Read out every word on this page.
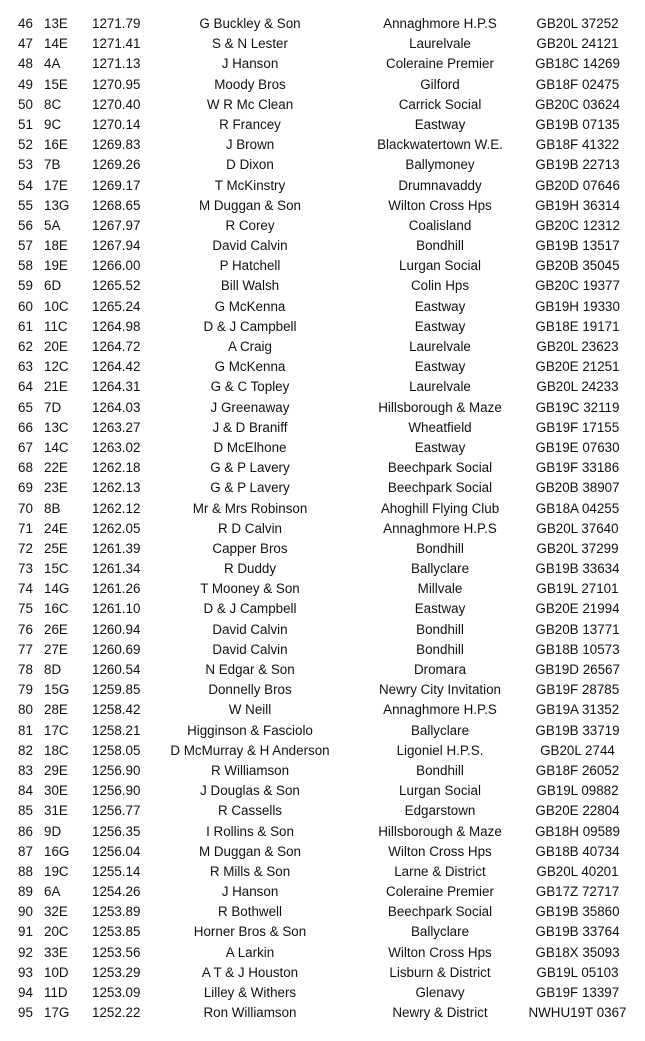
46 13E	1271.79	G Buckley & Son	Annaghmore H.P.S	GB20L 37252
47 14E	1271.41	S & N Lester	Laurelvale	GB20L 24121
48 4A	1271.13	J Hanson	Coleraine Premier	GB18C 14269
49 15E	1270.95	Moody Bros	Gilford	GB18F 02475
50 8C	1270.40	W R Mc Clean	Carrick Social	GB20C 03624
51 9C	1270.14	R Francey	Eastway	GB19B 07135
52 16E	1269.83	J Brown	Blackwatertown W.E.	GB18F 41322
53 7B	1269.26	D Dixon	Ballymoney	GB19B 22713
54 17E	1269.17	T McKinstry	Drumnavaddy	GB20D 07646
55 13G	1268.65	M Duggan & Son	Wilton Cross Hps	GB19H 36314
56 5A	1267.97	R Corey	Coalisland	GB20C 12312
57 18E	1267.94	David Calvin	Bondhill	GB19B 13517
58 19E	1266.00	P Hatchell	Lurgan Social	GB20B 35045
59 6D	1265.52	Bill Walsh	Colin Hps	GB20C 19377
60 10C	1265.24	G McKenna	Eastway	GB19H 19330
61 11C	1264.98	D & J Campbell	Eastway	GB18E 19171
62 20E	1264.72	A Craig	Laurelvale	GB20L 23623
63 12C	1264.42	G McKenna	Eastway	GB20E 21251
64 21E	1264.31	G & C Topley	Laurelvale	GB20L 24233
65 7D	1264.03	J Greenaway	Hillsborough & Maze	GB19C 32119
66 13C	1263.27	J & D Braniff	Wheatfield	GB19F 17155
67 14C	1263.02	D McElhone	Eastway	GB19E 07630
68 22E	1262.18	G & P Lavery	Beechpark Social	GB19F 33186
69 23E	1262.13	G & P Lavery	Beechpark Social	GB20B 38907
70 8B	1262.12	Mr & Mrs Robinson	Ahoghill Flying Club	GB18A 04255
71 24E	1262.05	R D Calvin	Annaghmore H.P.S	GB20L 37640
72 25E	1261.39	Capper Bros	Bondhill	GB20L 37299
73 15C	1261.34	R Duddy	Ballyclare	GB19B 33634
74 14G	1261.26	T Mooney & Son	Millvale	GB19L 27101
75 16C	1261.10	D & J Campbell	Eastway	GB20E 21994
76 26E	1260.94	David Calvin	Bondhill	GB20B 13771
77 27E	1260.69	David Calvin	Bondhill	GB18B 10573
78 8D	1260.54	N Edgar & Son	Dromara	GB19D 26567
79 15G	1259.85	Donnelly Bros	Newry City Invitation	GB19F 28785
80 28E	1258.42	W Neill	Annaghmore H.P.S	GB19A 31352
81 17C	1258.21	Higginson & Fasciolo	Ballyclare	GB19B 33719
82 18C	1258.05	D McMurray & H Anderson	Ligoniel H.P.S.	GB20L 2744
83 29E	1256.90	R Williamson	Bondhill	GB18F 26052
84 30E	1256.90	J Douglas & Son	Lurgan Social	GB19L 09882
85 31E	1256.77	R Cassells	Edgarstown	GB20E 22804
86 9D	1256.35	I Rollins & Son	Hillsborough & Maze	GB18H 09589
87 16G	1256.04	M Duggan & Son	Wilton Cross Hps	GB18B 40734
88 19C	1255.14	R Mills & Son	Larne & District	GB20L 40201
89 6A	1254.26	J Hanson	Coleraine Premier	GB17Z 72717
90 32E	1253.89	R Bothwell	Beechpark Social	GB19B 35860
91 20C	1253.85	Horner Bros & Son	Ballyclare	GB19B 33764
92 33E	1253.56	A Larkin	Wilton Cross Hps	GB18X 35093
93 10D	1253.29	A T & J Houston	Lisburn & District	GB19L 05103
94 11D	1253.09	Lilley & Withers	Glenavy	GB19F 13397
95 17G	1252.22	Ron Williamson	Newry & District	NWHU19T 0367
